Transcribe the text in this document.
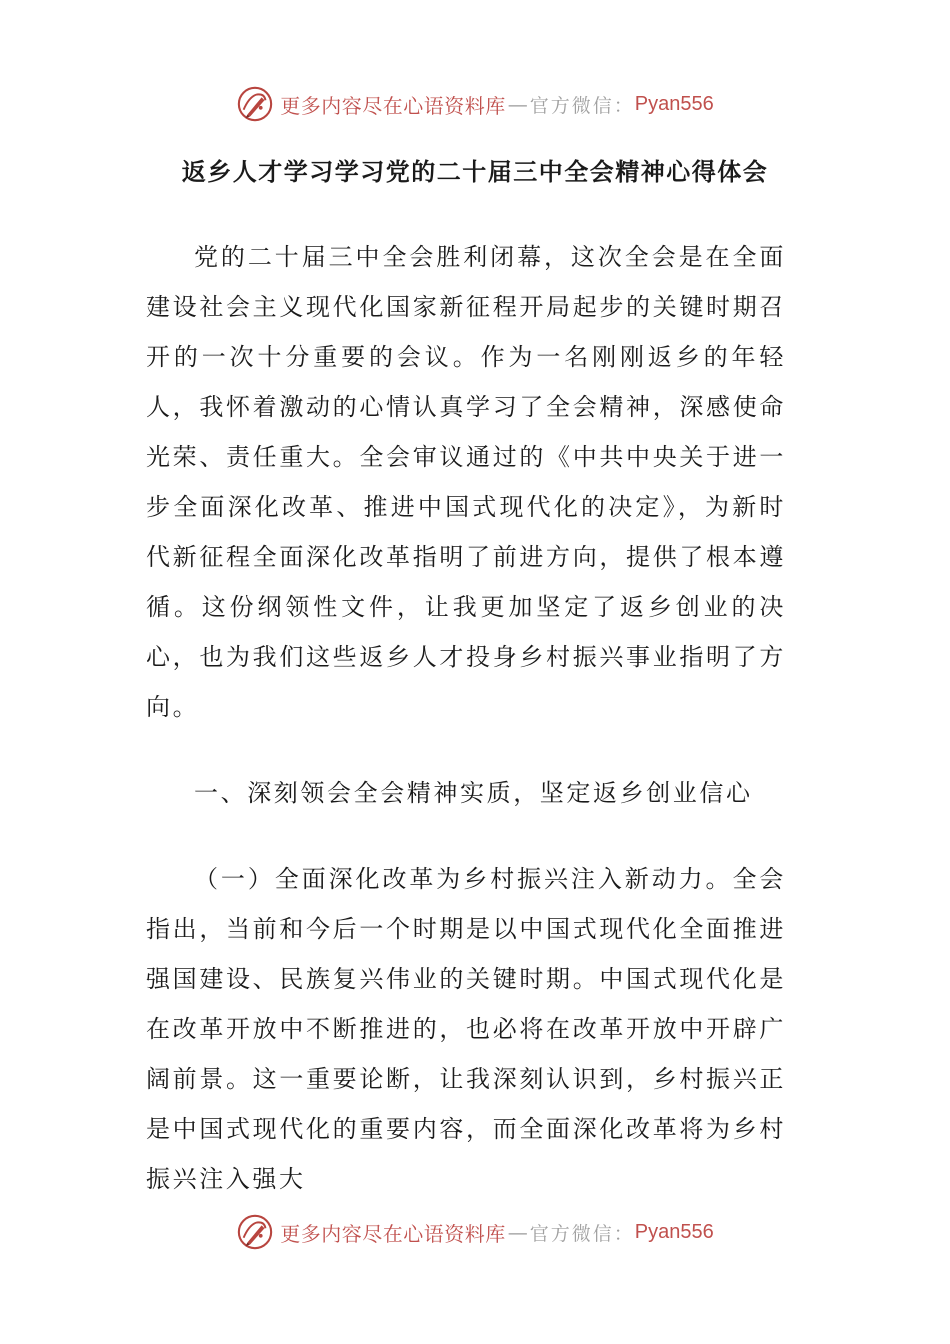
更多内容尽在心语资料库 — 官方微信： Pyan556
返乡人才学习学习党的二十届三中全会精神心得体会

党的二十届三中全会胜利闭幕，这次全会是在全面建设社会主义现代化国家新征程开局起步的关键时期召开的一次十分重要的会议。作为一名刚刚返乡的年轻人，我怀着激动的心情认真学习了全会精神，深感使命光荣、责任重大。全会审议通过的《中共中央关于进一步全面深化改革、推进中国式现代化的决定》，为新时代新征程全面深化改革指明了前进方向，提供了根本遵循。这份纲领性文件，让我更加坚定了返乡创业的决心，也为我们这些返乡人才投身乡村振兴事业指明了方向。

一、深刻领会全会精神实质，坚定返乡创业信心

（一）全面深化改革为乡村振兴注入新动力。全会指出，当前和今后一个时期是以中国式现代化全面推进强国建设、民族复兴伟业的关键时期。中国式现代化是在改革开放中不断推进的，也必将在改革开放中开辟广阔前景。这一重要论断，让我深刻认识到，乡村振兴正是中国式现代化的重要内容，而全面深化改革将为乡村振兴注入强大

更多内容尽在心语资料库 — 官方微信： Pyan556
